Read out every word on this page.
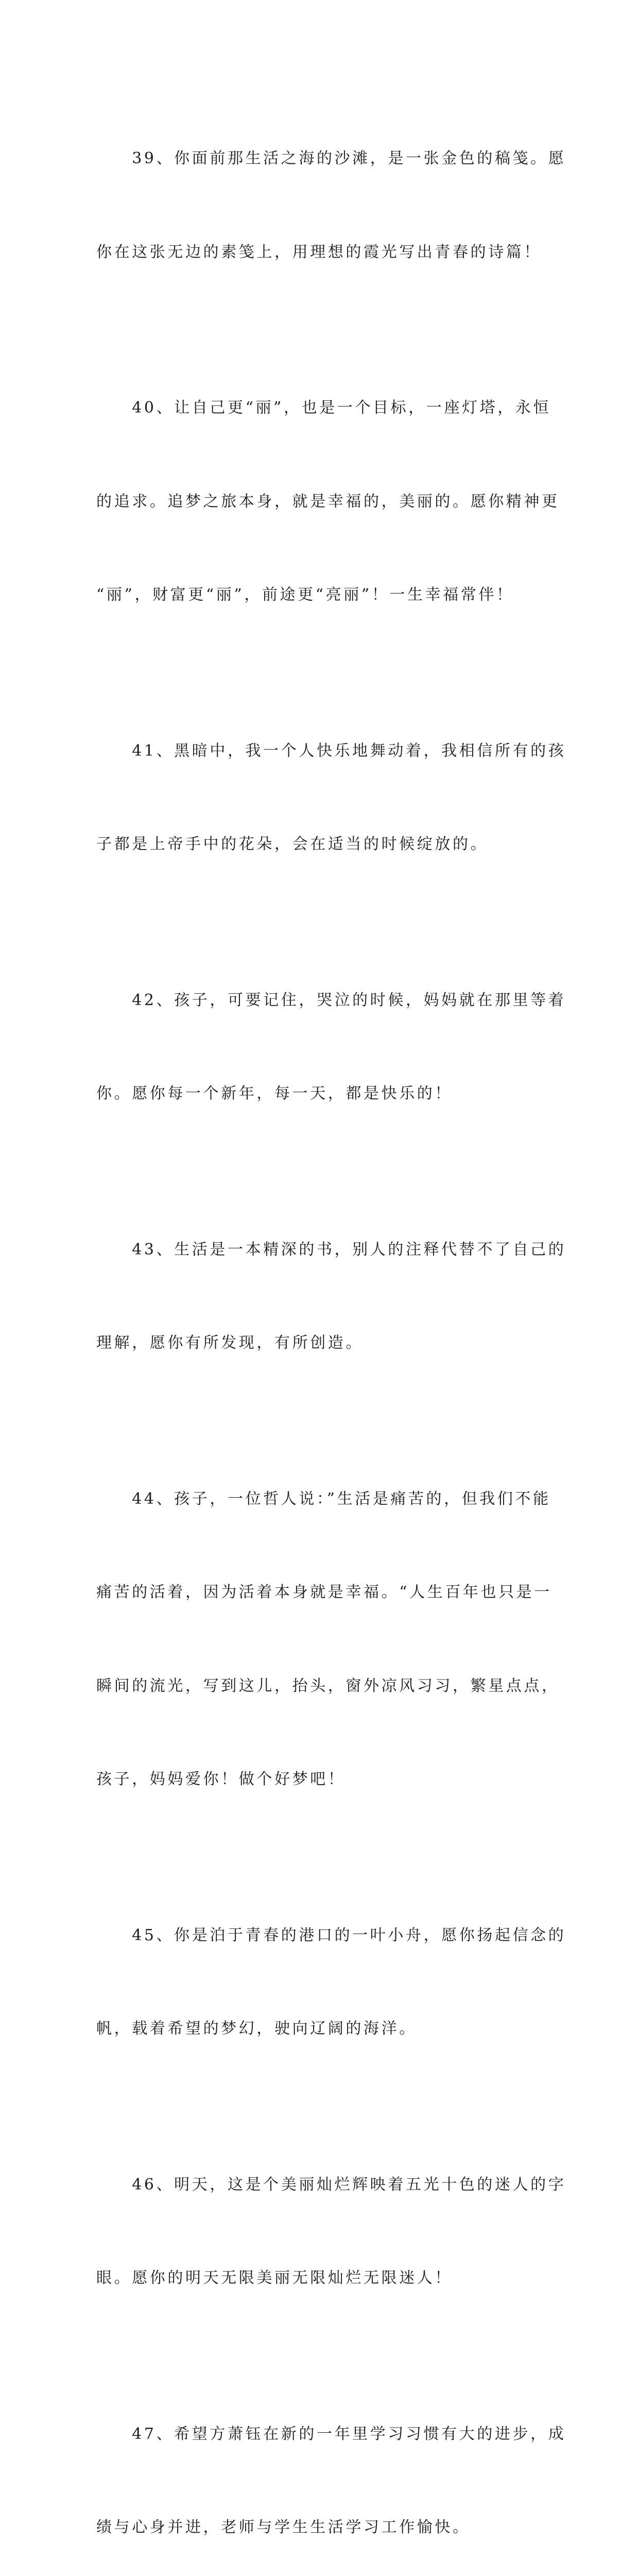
　　39、你面前那生活之海的沙滩，是一张金色的稿笺。愿

你在这张无边的素笺上，用理想的霞光写出青春的诗篇！

　　40、让自己更“丽”，也是一个目标，一座灯塔，永恒

的追求。追梦之旅本身，就是幸福的，美丽的。愿你精神更

“丽”，财富更“丽”，前途更“亮丽”！一生幸福常伴！

　　41、黑暗中，我一个人快乐地舞动着，我相信所有的孩

子都是上帝手中的花朵，会在适当的时候绽放的。

　　42、孩子，可要记住，哭泣的时候，妈妈就在那里等着

你。愿你每一个新年，每一天，都是快乐的！

　　43、生活是一本精深的书，别人的注释代替不了自己的

理解，愿你有所发现，有所创造。

　　44、孩子，一位哲人说：”生活是痛苦的，但我们不能

痛苦的活着，因为活着本身就是幸福。“人生百年也只是一

瞬间的流光，写到这儿，抬头，窗外凉风习习，繁星点点，

孩子，妈妈爱你！做个好梦吧！

　　45、你是泊于青春的港口的一叶小舟，愿你扬起信念的

帆，载着希望的梦幻，驶向辽阔的海洋。

　　46、明天，这是个美丽灿烂辉映着五光十色的迷人的字

眼。愿你的明天无限美丽无限灿烂无限迷人！

　　47、希望方萧钰在新的一年里学习习惯有大的进步，成

绩与心身并进，老师与学生生活学习工作愉快。
